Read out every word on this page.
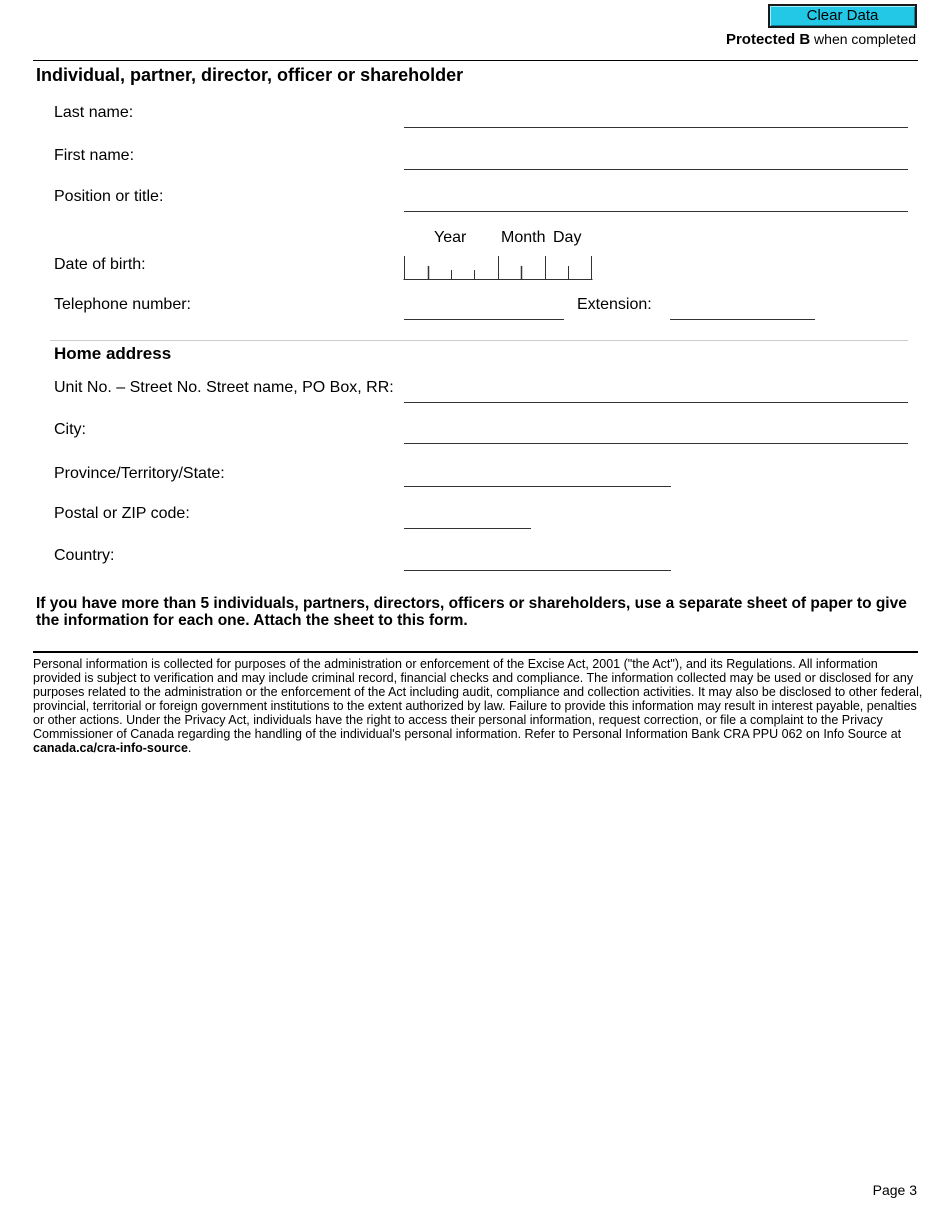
Clear Data
Protected B when completed
Individual, partner, director, officer or shareholder
Last name:
First name:
Position or title:
Year Month Day
Date of birth:
Telephone number:	Extension:
Home address
Unit No. – Street No. Street name, PO Box, RR:
City:
Province/Territory/State:
Postal or ZIP code:
Country:
If you have more than 5 individuals, partners, directors, officers or shareholders, use a separate sheet of paper to give the information for each one. Attach the sheet to this form.
Personal information is collected for purposes of the administration or enforcement of the Excise Act, 2001 ("the Act"), and its Regulations. All information provided is subject to verification and may include criminal record, financial checks and compliance. The information collected may be used or disclosed for any purposes related to the administration or the enforcement of the Act including audit, compliance and collection activities. It may also be disclosed to other federal, provincial, territorial or foreign government institutions to the extent authorized by law. Failure to provide this information may result in interest payable, penalties or other actions. Under the Privacy Act, individuals have the right to access their personal information, request correction, or file a complaint to the Privacy Commissioner of Canada regarding the handling of the individual's personal information. Refer to Personal Information Bank CRA PPU 062 on Info Source at canada.ca/cra-info-source.
Page 3
